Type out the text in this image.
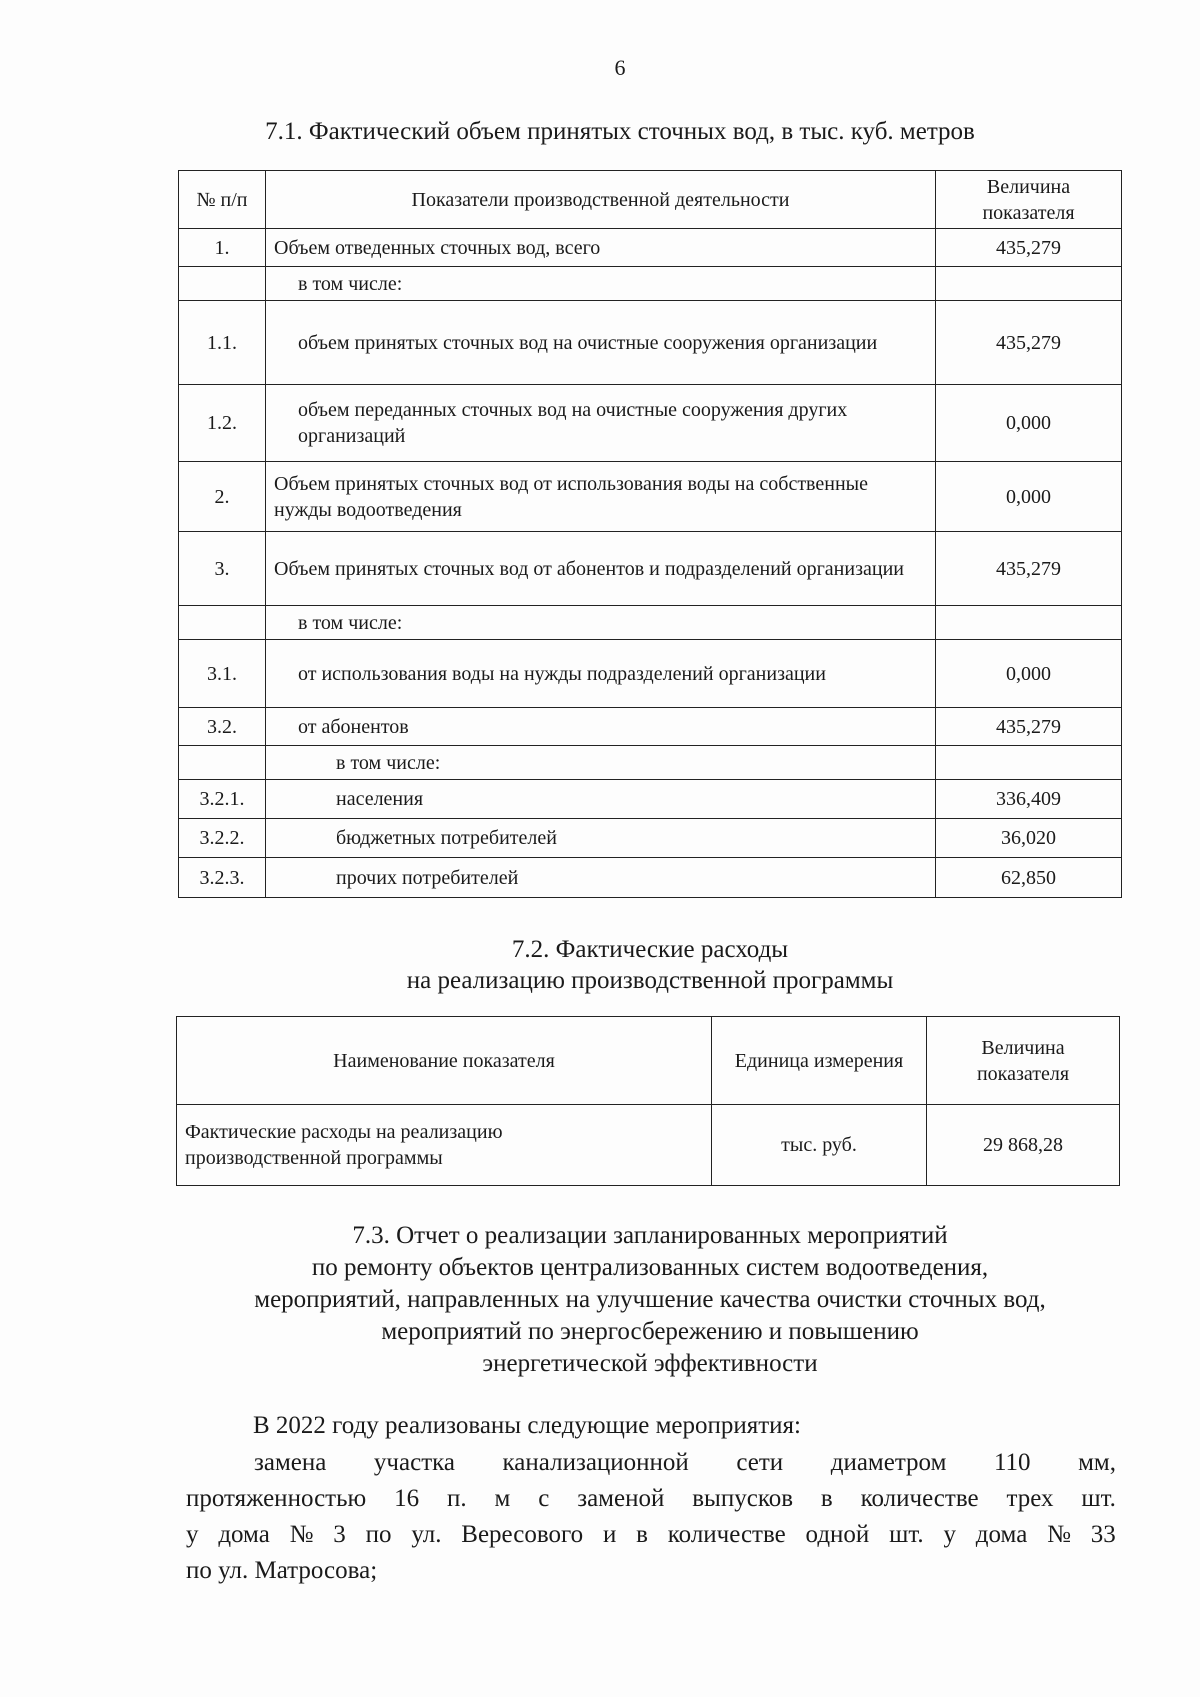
6
7.1. Фактический объем принятых сточных вод, в тыс. куб. метров
№ п/п	Показатели производственной деятельности	Величина показателя
1.	Объем отведенных сточных вод, всего	435,279
	в том числе:	
1.1.	объем принятых сточных вод на очистные сооружения организации	435,279
1.2.	объем переданных сточных вод на очистные сооружения других организаций	0,000
2.	Объем принятых сточных вод от использования воды на собственные нужды водоотведения	0,000
3.	Объем принятых сточных вод от абонентов и подразделений организации	435,279
	в том числе:	
3.1.	от использования воды на нужды подразделений организации	0,000
3.2.	от абонентов	435,279
	в том числе:	
3.2.1.	населения	336,409
3.2.2.	бюджетных потребителей	36,020
3.2.3.	прочих потребителей	62,850
7.2. Фактические расходы
на реализацию производственной программы
Наименование показателя	Единица измерения	Величина показателя
Фактические расходы на реализацию производственной программы	тыс. руб.	29 868,28
7.3. Отчет о реализации запланированных мероприятий
по ремонту объектов централизованных систем водоотведения,
мероприятий, направленных на улучшение качества очистки сточных вод,
мероприятий по энергосбережению и повышению
энергетической эффективности
В 2022 году реализованы следующие мероприятия:
замена участка канализационной сети диаметром 110 мм,
протяженностью 16 п. м с заменой выпусков в количестве трех шт.
у дома № 3 по ул. Вересового и в количестве одной шт. у дома № 33
по ул. Матросова;
